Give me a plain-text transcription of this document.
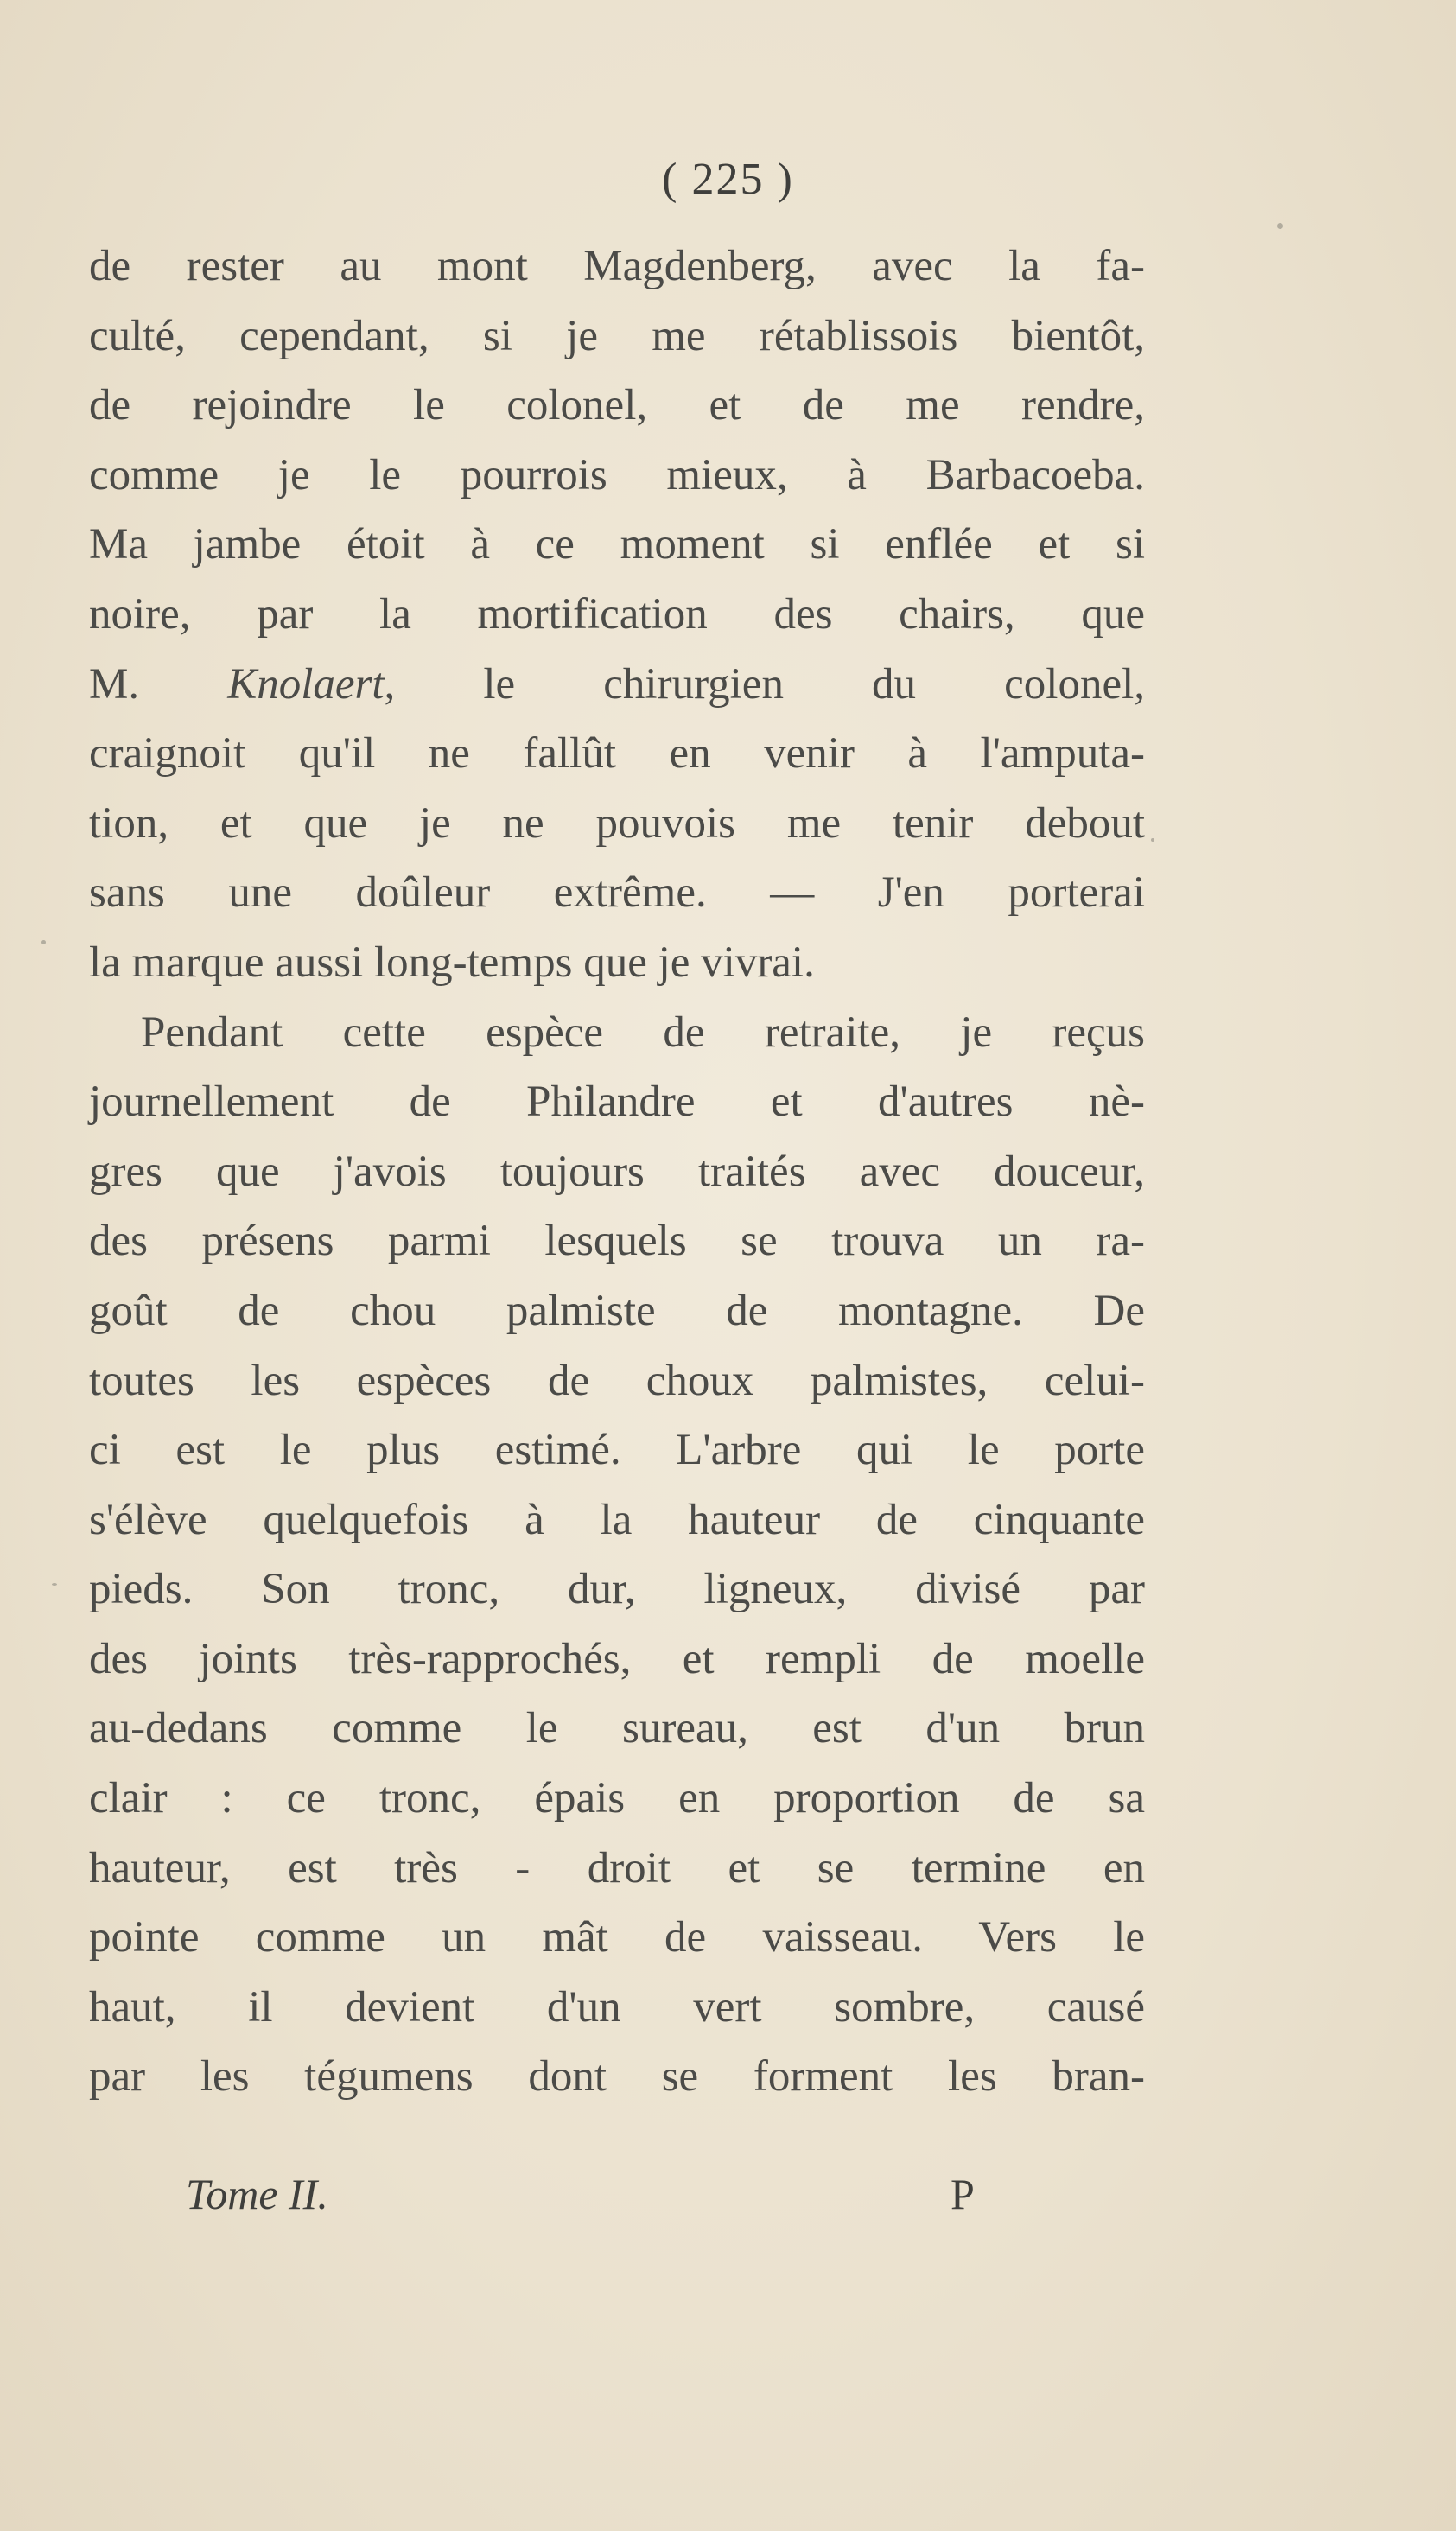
( 225 )
de rester au mont Magdenberg, avec la fa-
culté, cependant, si je me rétablissois bientôt,
de rejoindre le colonel, et de me rendre,
comme je le pourrois mieux, à Barbacoeba.
Ma jambe étoit à ce moment si enflée et si
noire, par la mortification des chairs, que
M. Knolaert, le chirurgien du colonel,
craignoit qu'il ne fallût en venir à l'amputa-
tion, et que je ne pouvois me tenir debout
sans une doûleur extrême. — J'en porterai
la marque aussi long-temps que je vivrai.
Pendant cette espèce de retraite, je reçus
journellement de Philandre et d'autres nè-
gres que j'avois toujours traités avec douceur,
des présens parmi lesquels se trouva un ra-
goût de chou palmiste de montagne. De
toutes les espèces de choux palmistes, celui-
ci est le plus estimé. L'arbre qui le porte
s'élève quelquefois à la hauteur de cinquante
pieds. Son tronc, dur, ligneux, divisé par
des joints très-rapprochés, et rempli de moelle
au-dedans comme le sureau, est d'un brun
clair : ce tronc, épais en proportion de sa
hauteur, est très - droit et se termine en
pointe comme un mât de vaisseau. Vers le
haut, il devient d'un vert sombre, causé
par les tégumens dont se forment les bran-
Tome II.	P
